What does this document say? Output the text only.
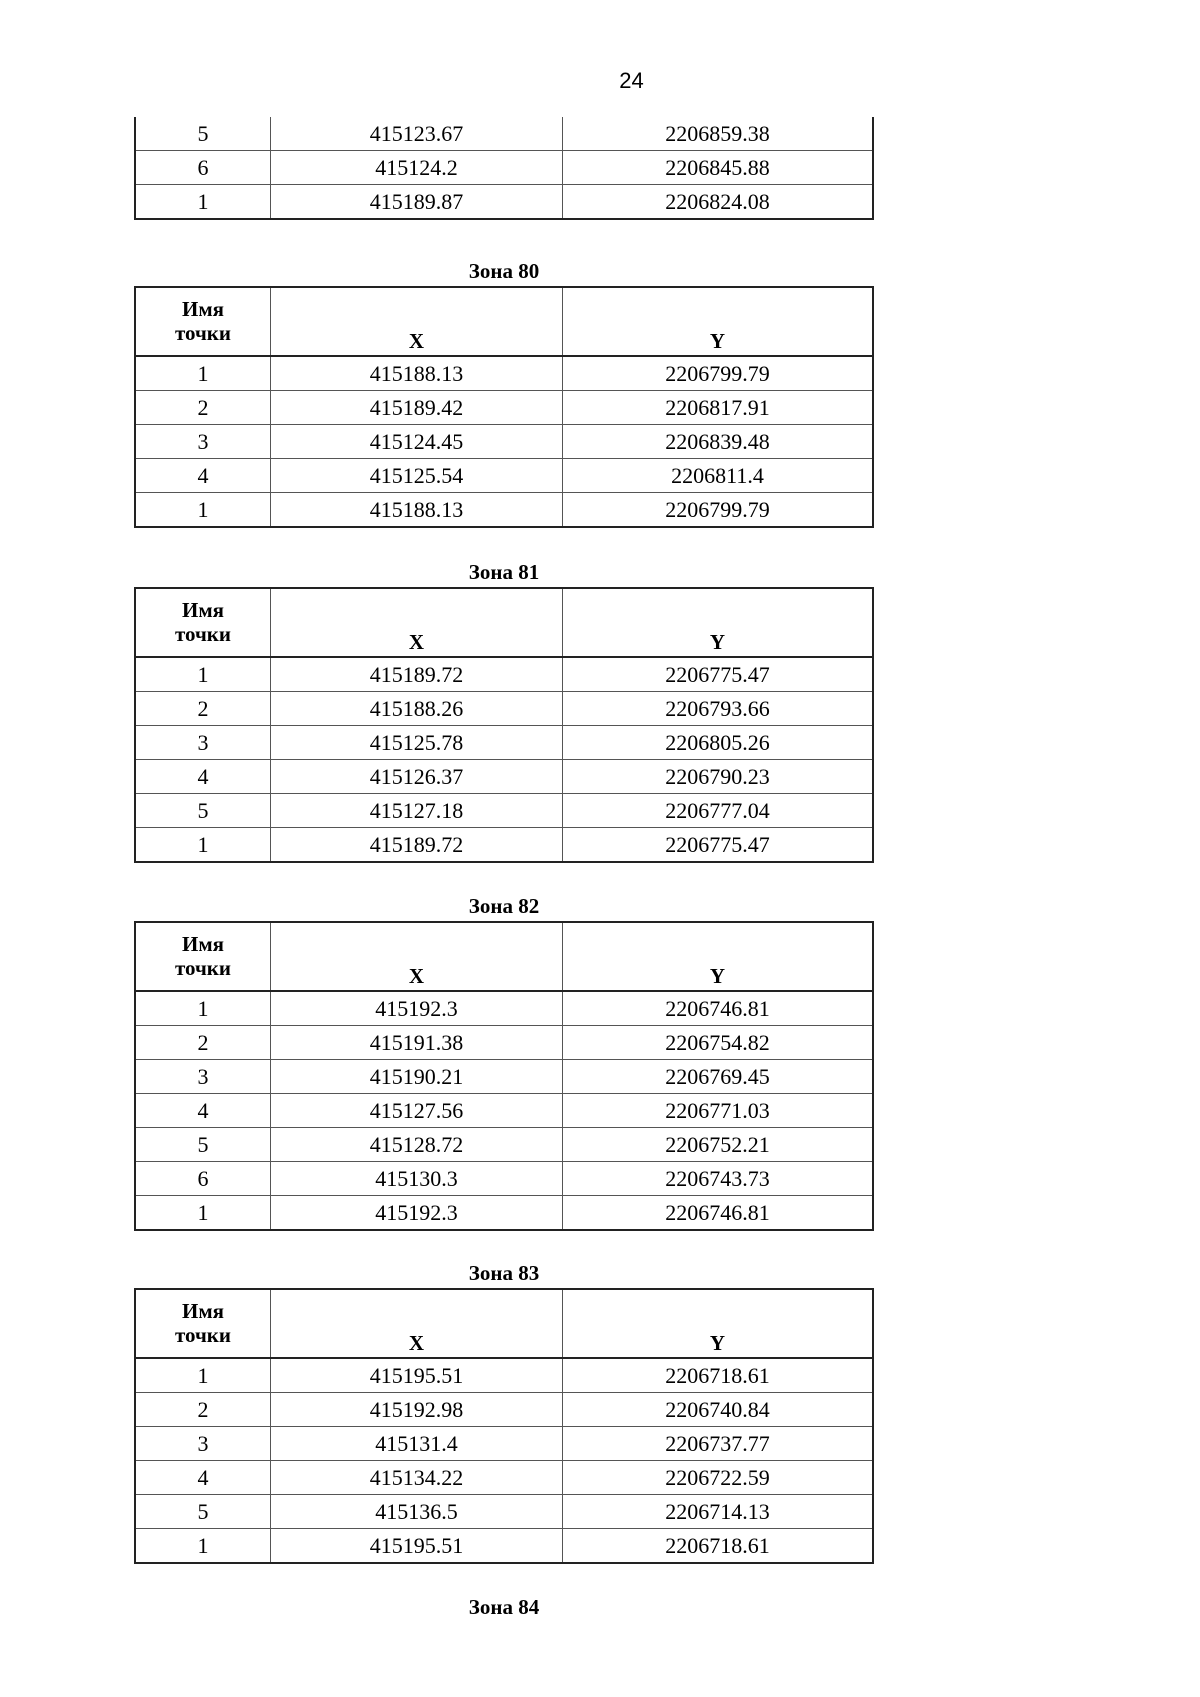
24
5	415123.67	2206859.38
6	415124.2	2206845.88
1	415189.87	2206824.08
Зона 80
Имя
точки	X	Y
1	415188.13	2206799.79
2	415189.42	2206817.91
3	415124.45	2206839.48
4	415125.54	2206811.4
1	415188.13	2206799.79
Зона 81
Имя
точки	X	Y
1	415189.72	2206775.47
2	415188.26	2206793.66
3	415125.78	2206805.26
4	415126.37	2206790.23
5	415127.18	2206777.04
1	415189.72	2206775.47
Зона 82
Имя
точки	X	Y
1	415192.3	2206746.81
2	415191.38	2206754.82
3	415190.21	2206769.45
4	415127.56	2206771.03
5	415128.72	2206752.21
6	415130.3	2206743.73
1	415192.3	2206746.81
Зона 83
Имя
точки	X	Y
1	415195.51	2206718.61
2	415192.98	2206740.84
3	415131.4	2206737.77
4	415134.22	2206722.59
5	415136.5	2206714.13
1	415195.51	2206718.61
Зона 84
